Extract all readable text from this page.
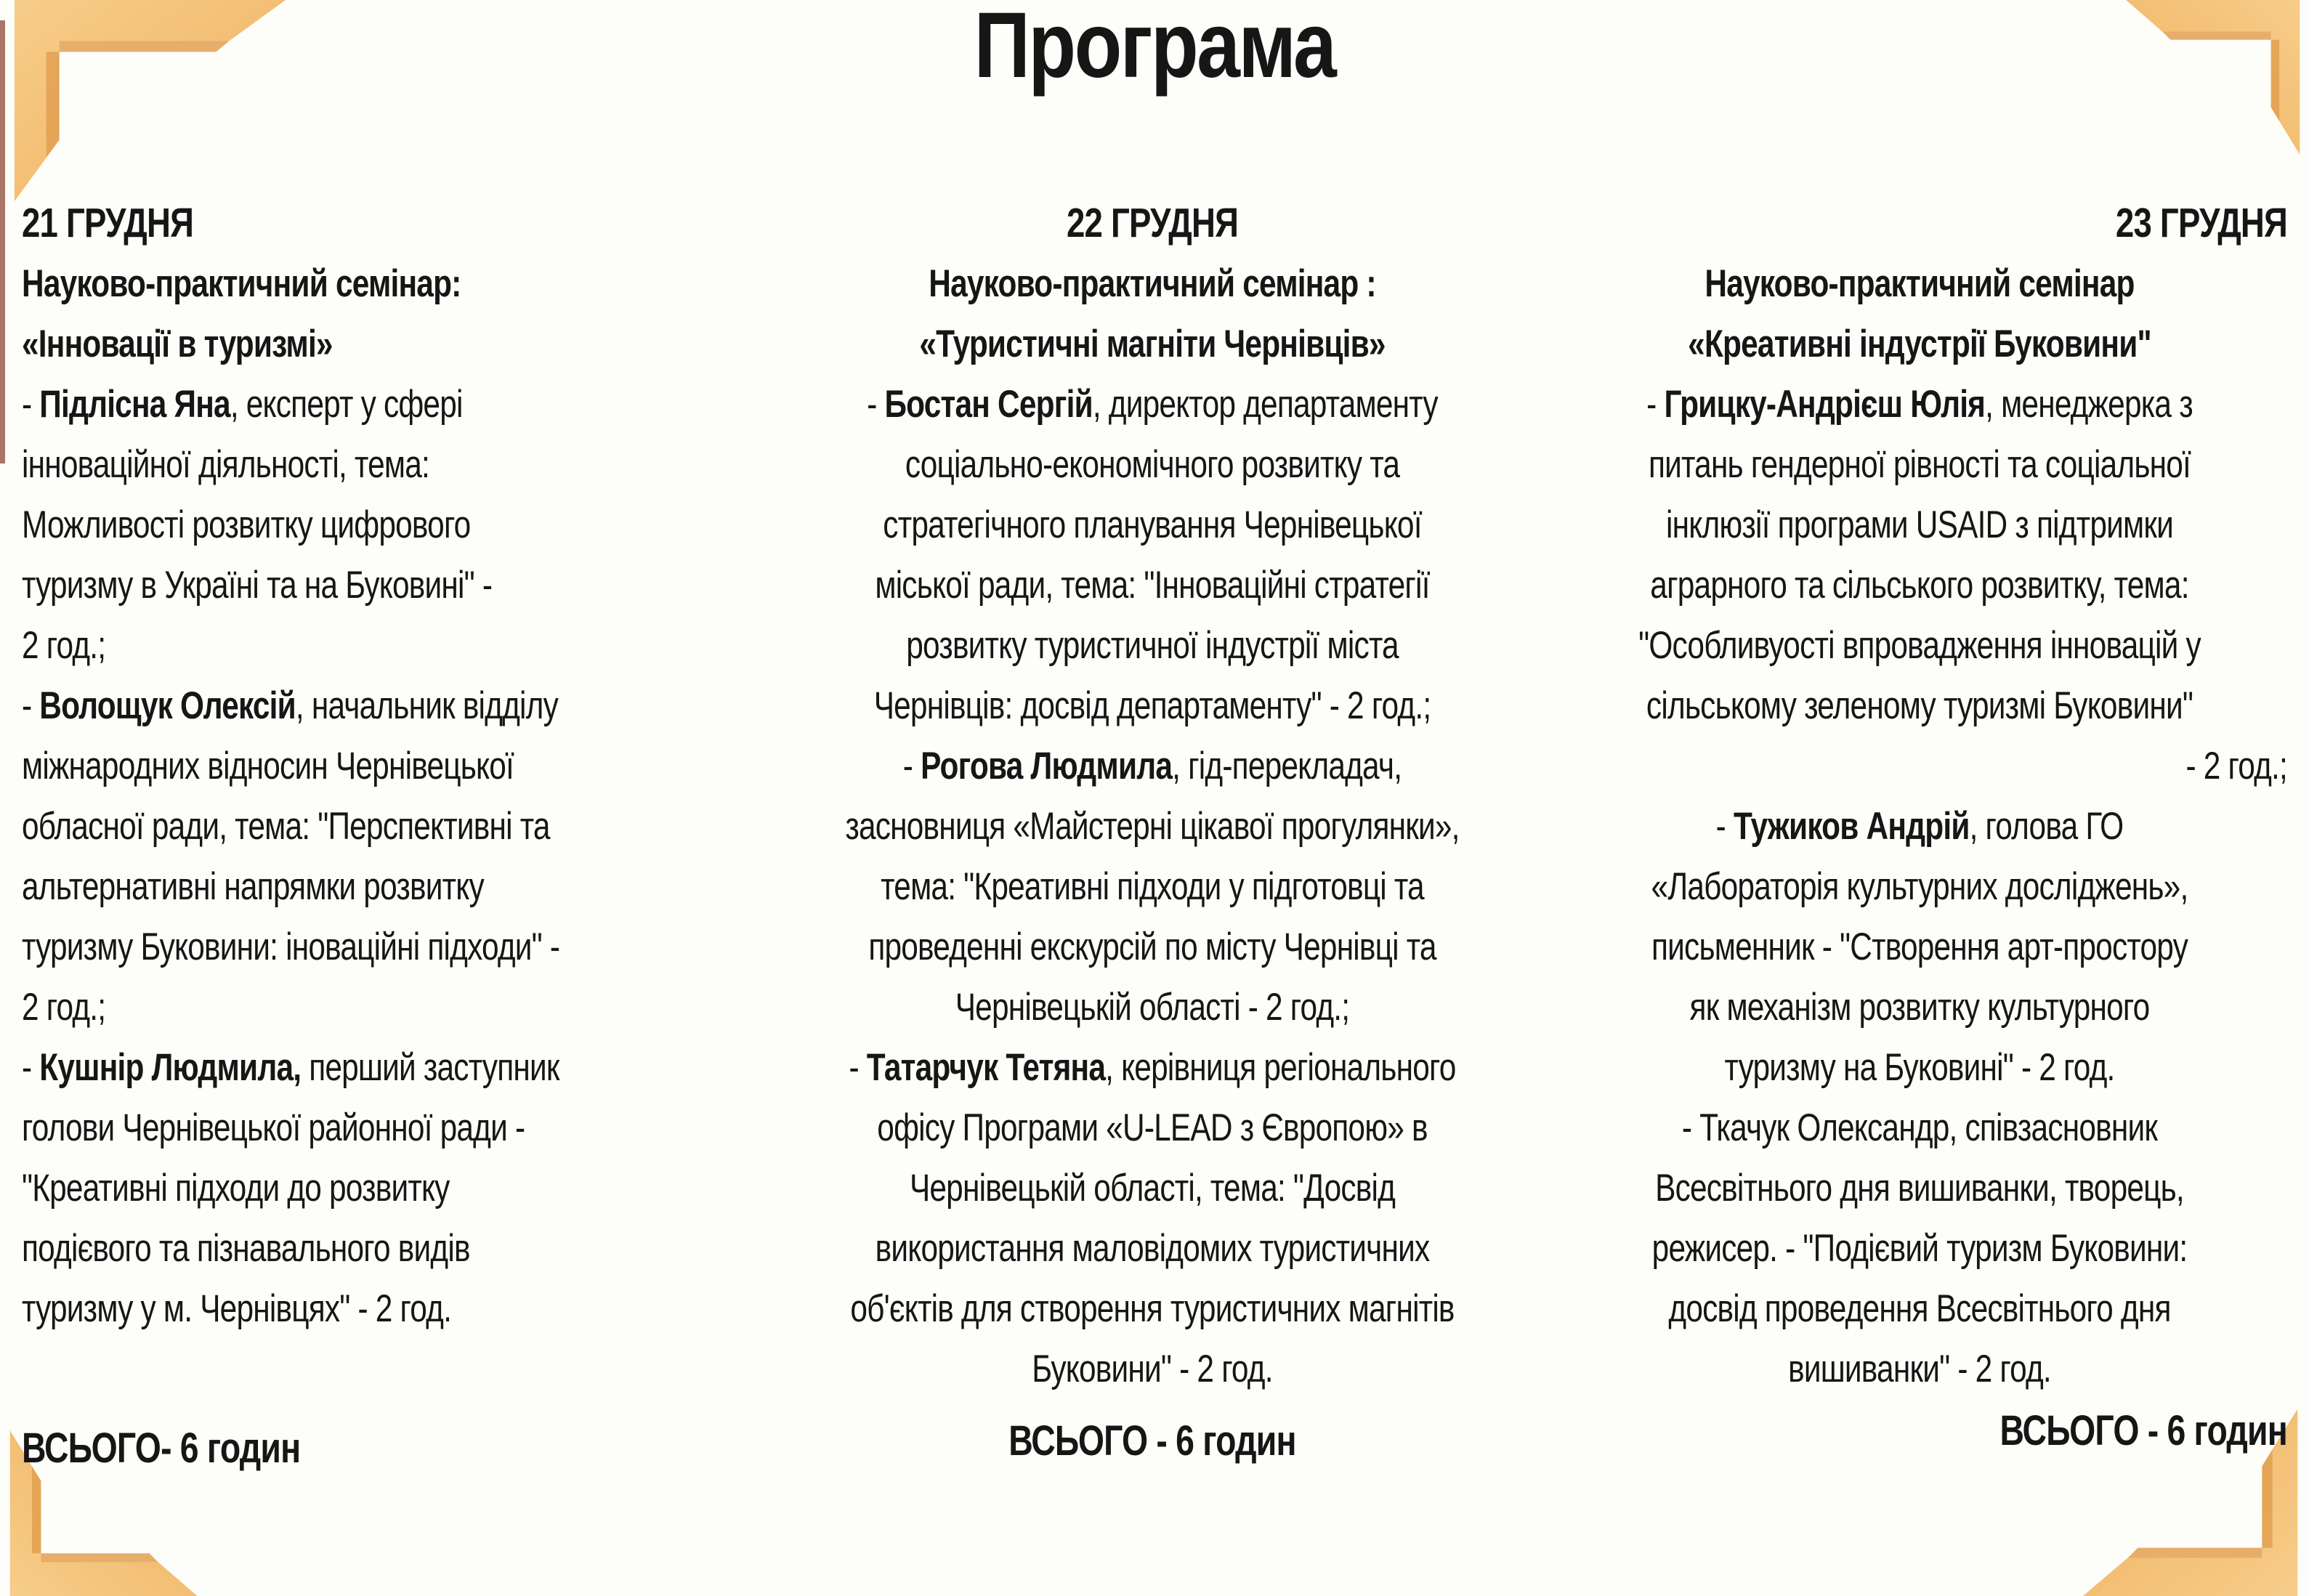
Програма
21 ГРУДНЯ
Науково-практичний семінар:
«Інновації в туризмі»
- Підлісна Яна, експерт у сфері
інноваційної діяльності, тема:
Можливості розвитку цифрового
туризму в Україні та на Буковині" -
2 год.;
- Волощук Олексій, начальник відділу
міжнародних відносин Чернівецької
обласної ради, тема: "Перспективні та
альтернативні напрямки розвитку
туризму Буковини: іноваційні підходи" -
2 год.;
- Кушнір Людмила, перший заступник
голови Чернівецької районної ради -
"Креативні підходи до розвитку
подієвого та пізнавального видів
туризму у м. Чернівцях" - 2 год.
22 ГРУДНЯ
Науково-практичний семінар :
«Туристичні магніти Чернівців»
- Бостан Сергій, директор департаменту
соціально-економічного розвитку та
стратегічного планування Чернівецької
міської ради, тема: "Інноваційні стратегії
розвитку туристичної індустрії міста
Чернівців: досвід департаменту" - 2 год.;
- Рогова Людмила, гід-перекладач,
засновниця «Майстерні цікавої прогулянки»,
тема: "Креативні підходи у підготовці та
проведенні екскурсій по місту Чернівці та
Чернівецькій області - 2 год.;
- Татарчук Тетяна, керівниця регіонального
офісу Програми «U-LEAD з Європою» в
Чернівецькій області, тема: "Досвід
використання маловідомих туристичних
об'єктів для створення туристичних магнітів
Буковини" - 2 год.
23 ГРУДНЯ
Науково-практичний семінар
«Креативні індустрії Буковини"
- Грицку-Андрієш Юлія, менеджерка з
питань гендерної рівності та соціальної
інклюзії програми USAID з підтримки
аграрного та сільського розвитку, тема:
"Особливуості впровадження інновацій у
сільському зеленому туризмі Буковини"
- 2 год.;
- Тужиков Андрій, голова ГО
«Лабораторія культурних досліджень»,
письменник - "Створення арт-простору
як механізм розвитку культурного
туризму на Буковині" - 2 год.
- Ткачук Олександр, співзасновник
Всесвітнього дня вишиванки, творець,
режисер. - "Подієвий туризм Буковини:
досвід проведення Всесвітнього дня
вишиванки" - 2 год.
ВСЬОГО- 6 годин	ВСЬОГО - 6 годин	ВСЬОГО - 6 годин
